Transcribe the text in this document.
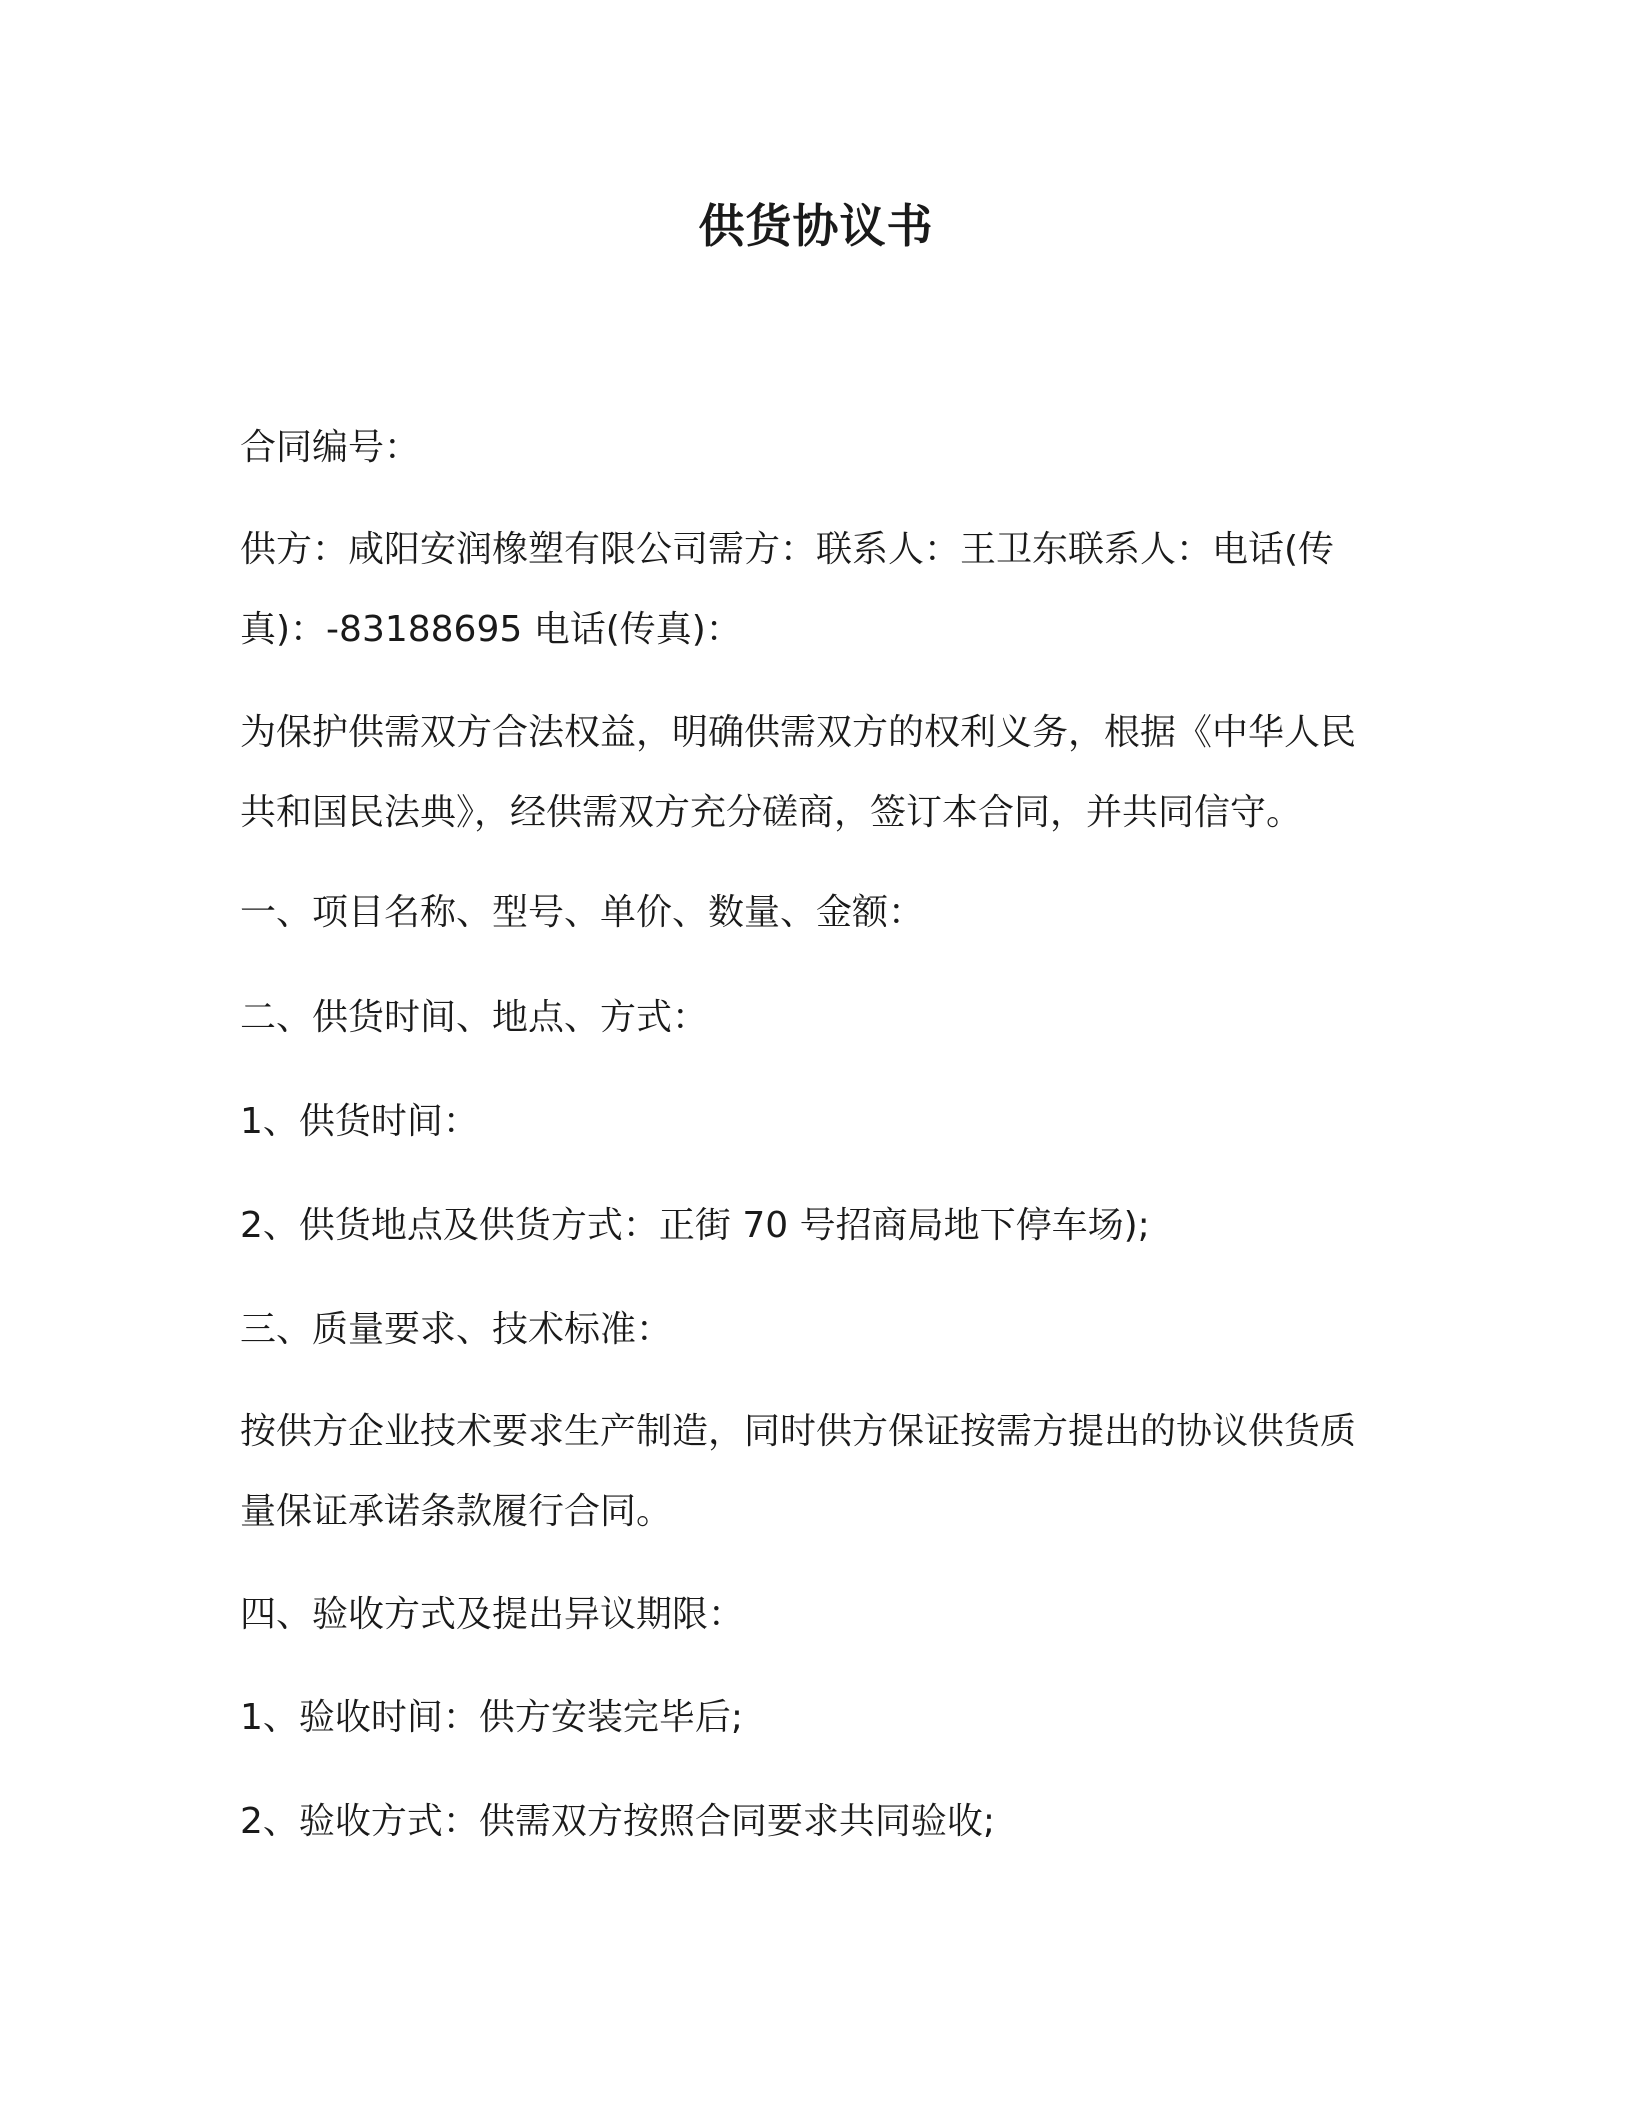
供货协议书

合同编号：

供方：咸阳安润橡塑有限公司需方：联系人：王卫东联系人：电话(传真)：-83188695 电话(传真)：

为保护供需双方合法权益，明确供需双方的权利义务，根据《中华人民共和国民法典》，经供需双方充分磋商，签订本合同，并共同信守。

一、项目名称、型号、单价、数量、金额：

二、供货时间、地点、方式：

1、供货时间：

2、供货地点及供货方式：正街 70 号招商局地下停车场);

三、质量要求、技术标准：

按供方企业技术要求生产制造，同时供方保证按需方提出的协议供货质量保证承诺条款履行合同。

四、验收方式及提出异议期限：

1、验收时间：供方安装完毕后;

2、验收方式：供需双方按照合同要求共同验收;
